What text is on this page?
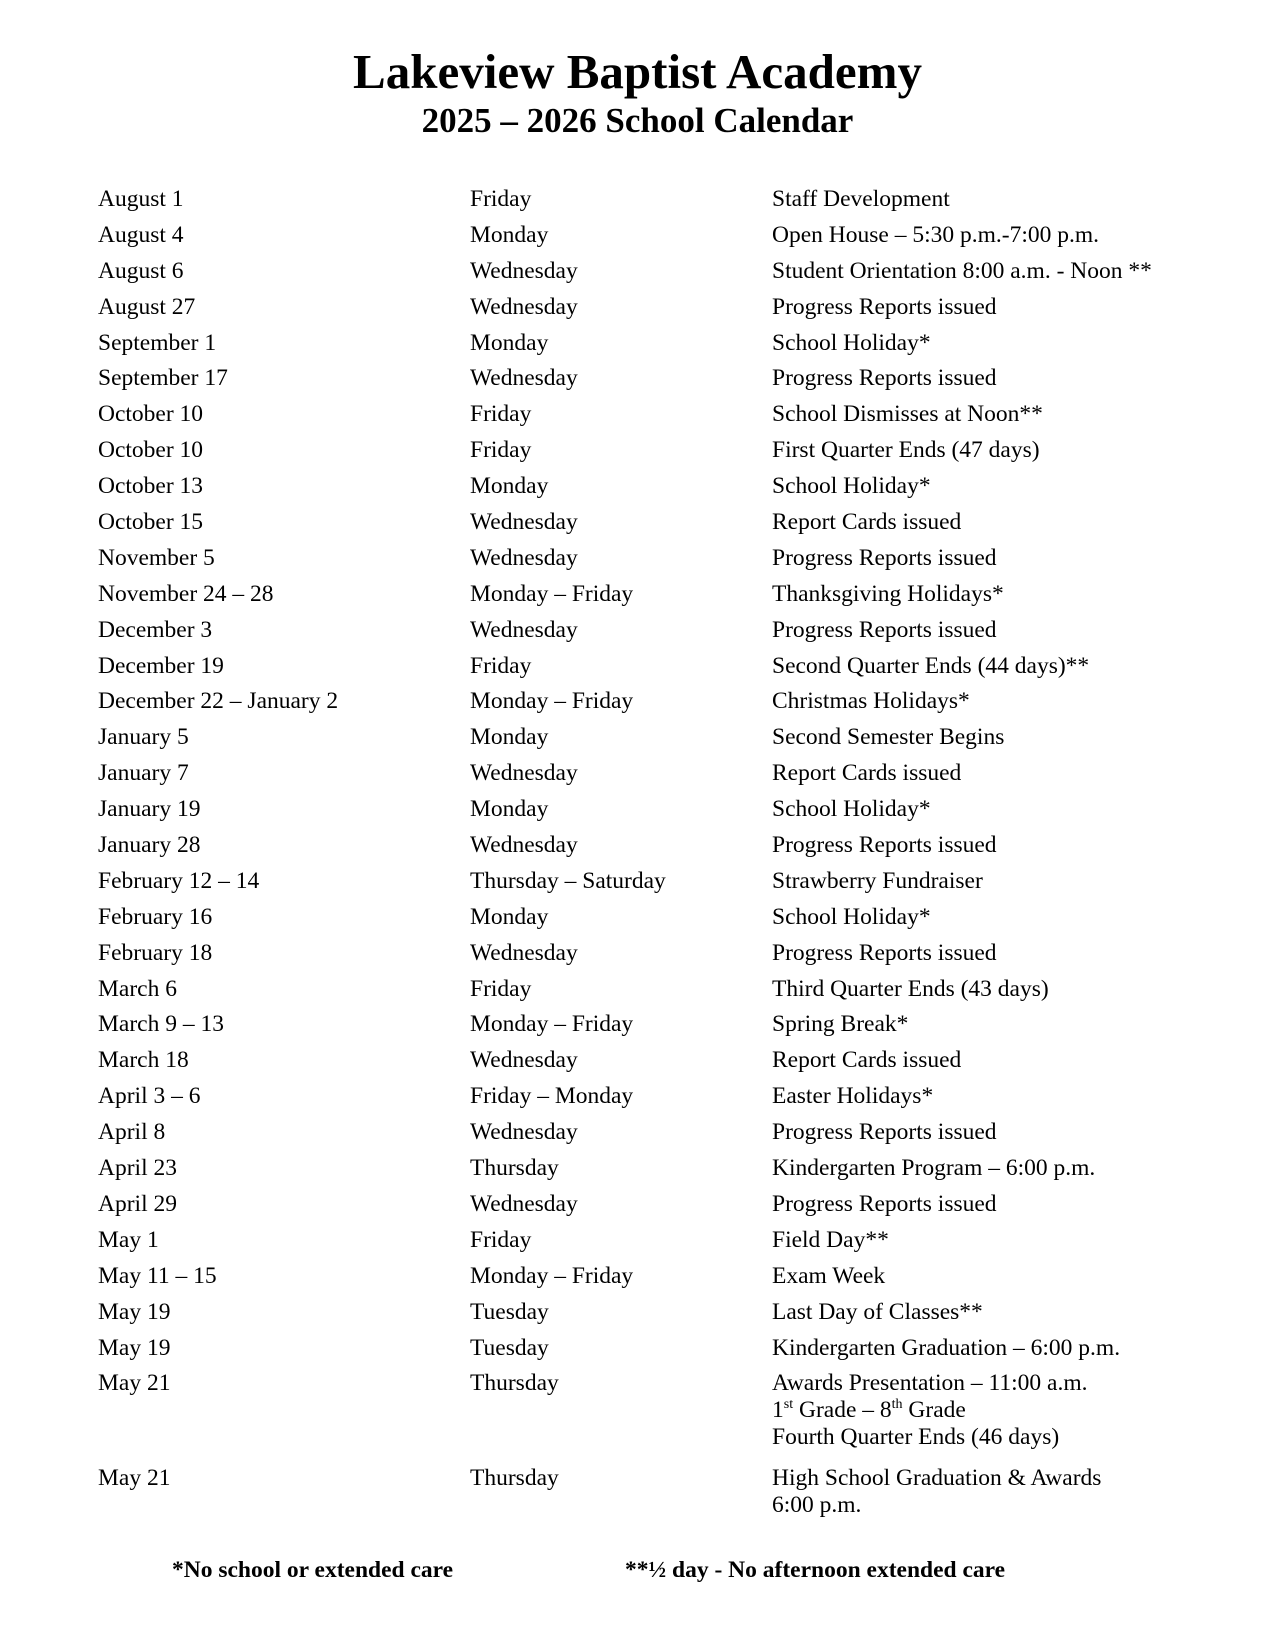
Lakeview Baptist Academy
2025 – 2026 School Calendar
August 1	Friday	Staff Development
August 4	Monday	Open House – 5:30 p.m.-7:00 p.m.
August 6	Wednesday	Student Orientation 8:00 a.m. - Noon **
August 27	Wednesday	Progress Reports issued
September 1	Monday	School Holiday*
September 17	Wednesday	Progress Reports issued
October 10	Friday	School Dismisses at Noon**
October 10	Friday	First Quarter Ends (47 days)
October 13	Monday	School Holiday*
October 15	Wednesday	Report Cards issued
November 5	Wednesday	Progress Reports issued
November 24 – 28	Monday – Friday	Thanksgiving Holidays*
December 3	Wednesday	Progress Reports issued
December 19	Friday	Second Quarter Ends (44 days)**
December 22 – January 2	Monday – Friday	Christmas Holidays*
January 5	Monday	Second Semester Begins
January 7	Wednesday	Report Cards issued
January 19	Monday	School Holiday*
January 28	Wednesday	Progress Reports issued
February 12 – 14	Thursday – Saturday	Strawberry Fundraiser
February 16	Monday	School Holiday*
February 18	Wednesday	Progress Reports issued
March 6	Friday	Third Quarter Ends (43 days)
March 9 – 13	Monday – Friday	Spring Break*
March 18	Wednesday	Report Cards issued
April 3 – 6	Friday – Monday	Easter Holidays*
April 8	Wednesday	Progress Reports issued
April 23	Thursday	Kindergarten Program – 6:00 p.m.
April 29	Wednesday	Progress Reports issued
May 1	Friday	Field Day**
May 11 – 15	Monday – Friday	Exam Week
May 19	Tuesday	Last Day of Classes**
May 19	Tuesday	Kindergarten Graduation – 6:00 p.m.
May 21	Thursday	Awards Presentation – 11:00 a.m.
1st Grade – 8th Grade
Fourth Quarter Ends (46 days)
May 21	Thursday	High School Graduation & Awards
6:00 p.m.
*No school or extended care	**½ day - No afternoon extended care
